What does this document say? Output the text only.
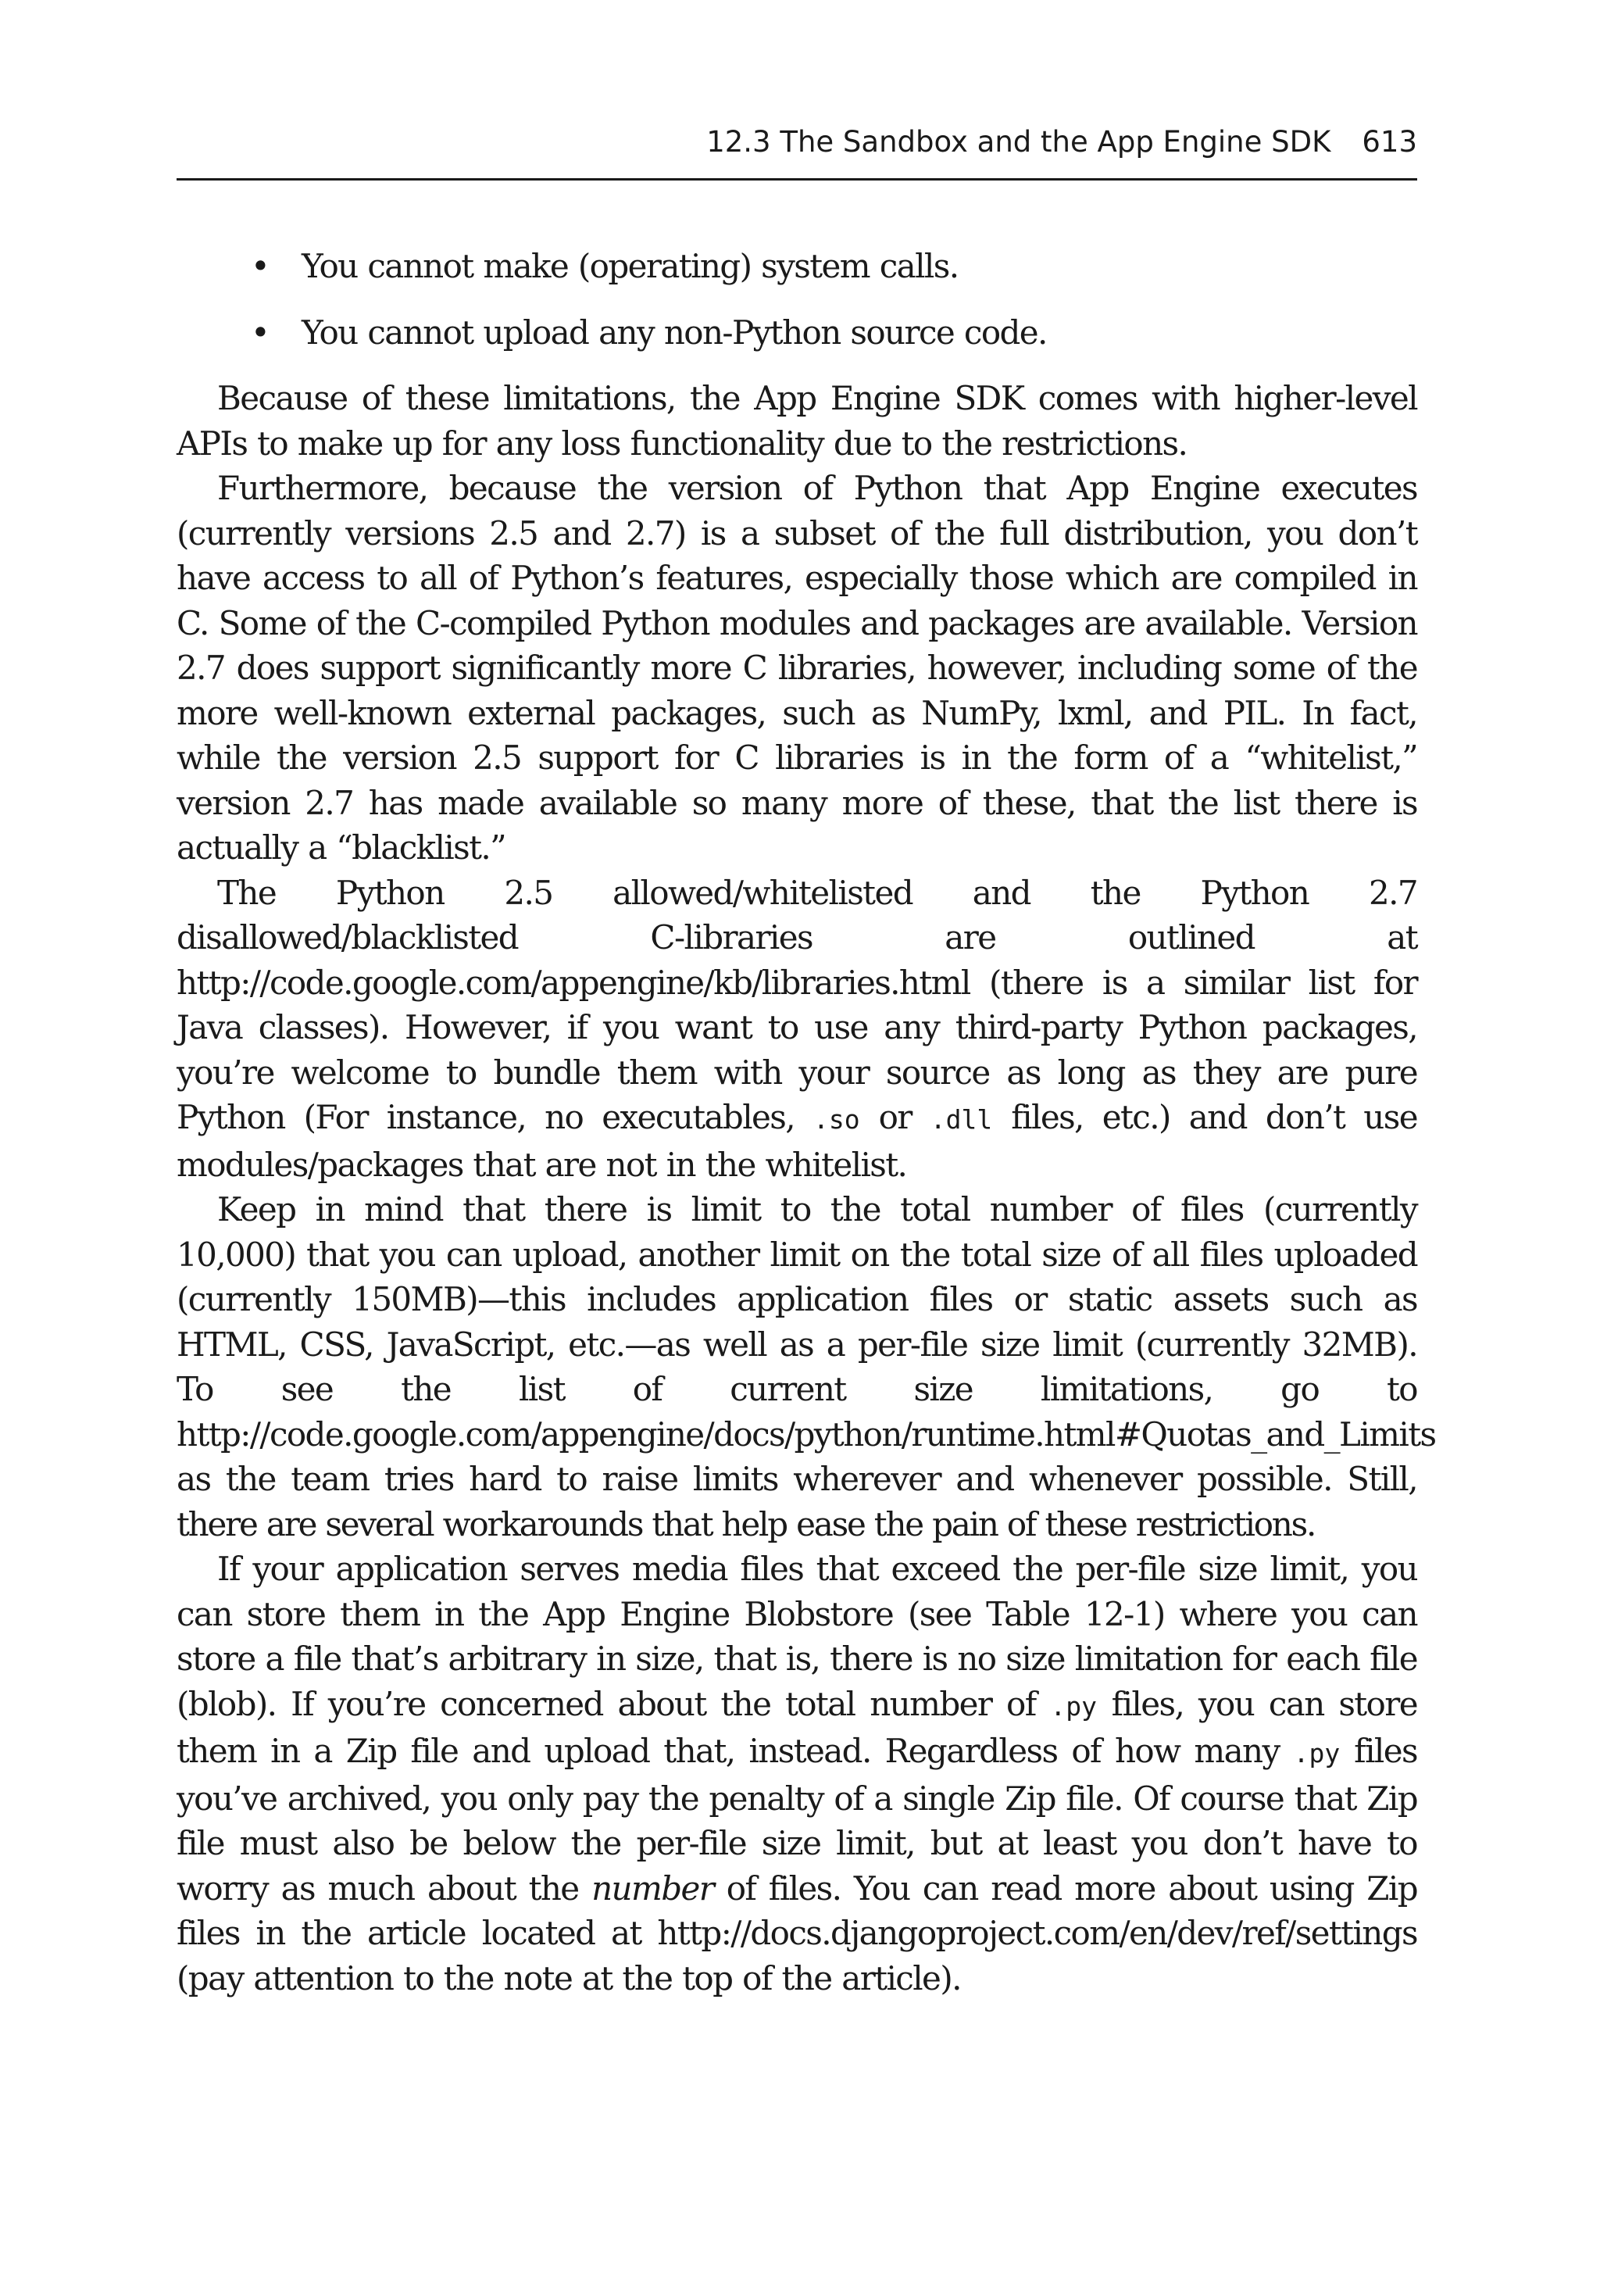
12.3 The Sandbox and the App Engine SDK 613
• You cannot make (operating) system calls.
• You cannot upload any non-Python source code.

Because of these limitations, the App Engine SDK comes with higher-level APIs to make up for any loss functionality due to the restrictions.

Furthermore, because the version of Python that App Engine executes (currently versions 2.5 and 2.7) is a subset of the full distribution, you don’t have access to all of Python’s features, especially those which are compiled in C. Some of the C-compiled Python modules and packages are available. Version 2.7 does support significantly more C libraries, however, including some of the more well-known external packages, such as NumPy, lxml, and PIL. In fact, while the version 2.5 support for C libraries is in the form of a “whitelist,” version 2.7 has made available so many more of these, that the list there is actually a “blacklist.”

The Python 2.5 allowed/whitelisted and the Python 2.7 disallowed/blacklisted C-libraries are outlined at http://code.google.com/appengine/kb/libraries.html (there is a similar list for Java classes). However, if you want to use any third-party Python packages, you’re welcome to bundle them with your source as long as they are pure Python (For instance, no executables, .so or .dll files, etc.) and don’t use modules/packages that are not in the whitelist.

Keep in mind that there is limit to the total number of files (currently 10,000) that you can upload, another limit on the total size of all files uploaded (currently 150MB)—this includes application files or static assets such as HTML, CSS, JavaScript, etc.—as well as a per-file size limit (currently 32MB). To see the list of current size limitations, go to http://code.google.com/appengine/docs/python/runtime.html#Quotas_and_Limits as the team tries hard to raise limits wherever and whenever possible. Still, there are several workarounds that help ease the pain of these restrictions.

If your application serves media files that exceed the per-file size limit, you can store them in the App Engine Blobstore (see Table 12-1) where you can store a file that’s arbitrary in size, that is, there is no size limitation for each file (blob). If you’re concerned about the total number of .py files, you can store them in a Zip file and upload that, instead. Regardless of how many .py files you’ve archived, you only pay the penalty of a single Zip file. Of course that Zip file must also be below the per-file size limit, but at least you don’t have to worry as much about the number of files. You can read more about using Zip files in the article located at http://docs.djangoproject.com/en/dev/ref/settings (pay attention to the note at the top of the article).
